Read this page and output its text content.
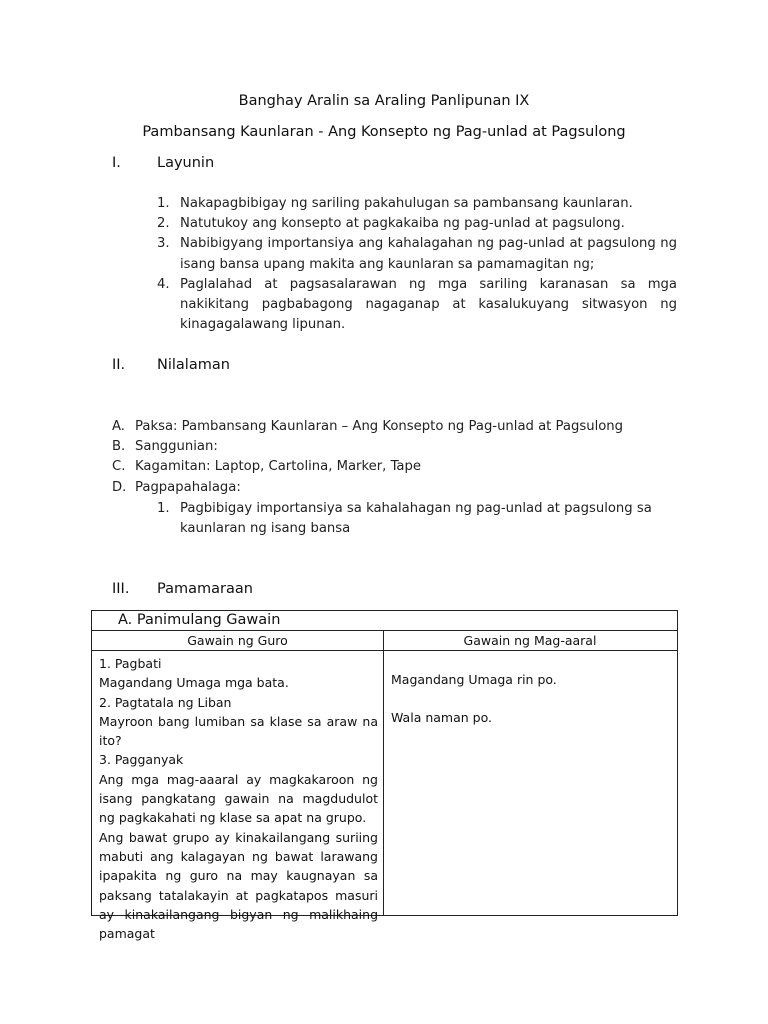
Banghay Aralin sa Araling Panlipunan IX
Pambansang Kaunlaran - Ang Konsepto ng Pag-unlad at Pagsulong
I. Layunin
1. Nakapagbibigay ng sariling pakahulugan sa pambansang kaunlaran.
2. Natutukoy ang konsepto at pagkakaiba ng pag-unlad at pagsulong.
3. Nabibigyang importansiya ang kahalagahan ng pag-unlad at pagsulong ng isang bansa upang makita ang kaunlaran sa pamamagitan ng;
4. Paglalahad at pagsasalarawan ng mga sariling karanasan sa mga nakikitang pagbabagong nagaganap at kasalukuyang sitwasyon ng kinagagalawang lipunan.
II. Nilalaman
A. Paksa: Pambansang Kaunlaran – Ang Konsepto ng Pag-unlad at Pagsulong
B. Sanggunian:
C. Kagamitan: Laptop, Cartolina, Marker, Tape
D. Pagpapahalaga:
1. Pagbibigay importansiya sa kahalahagan ng pag-unlad at pagsulong sa kaunlaran ng isang bansa
III. Pamamaraan
A. Panimulang Gawain
Gawain ng Guro	Gawain ng Mag-aaral

1. Pagbati

Magandang Umaga mga bata.

2. Pagtatala ng Liban

Mayroon bang lumiban sa klase sa araw na ito?

3. Pagganyak

Ang mga mag-aaaral ay magkakaroon ng isang pangkatang gawain na magdudulot ng pagkakahati ng klase sa apat na grupo.

Ang bawat grupo ay kinakailangang suriing mabuti ang kalagayan ng bawat larawang ipapakita ng guro na may kaugnayan sa paksang tatalakayin at pagkatapos masuri ay kinakailangang bigyan ng malikhaing pamagat

Magandang Umaga rin po.
Wala naman po.
